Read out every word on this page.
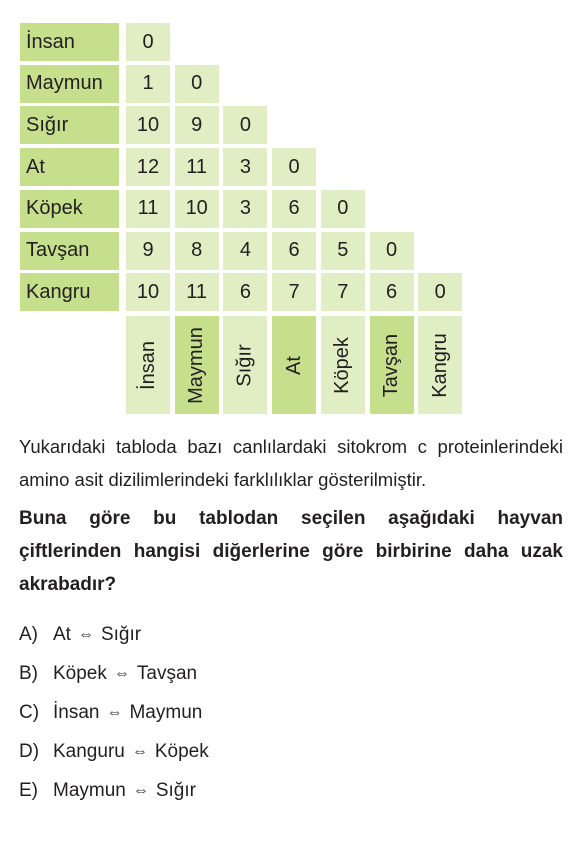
İnsan	0
Maymun	1	0
Sığır	10	9	0
At	12	11	3	0
Köpek	11	10	3	6	0
Tavşan	9	8	4	6	5	0
Kangru	10	11	6	7	7	6	0
İnsan Maymun Sığır At Köpek Tavşan Kangru

Yukarıdaki tabloda bazı canlılardaki sitokrom c proteinlerindeki amino asit dizilimlerindeki farklılıklar gösterilmiştir.

Buna göre bu tablodan seçilen aşağıdaki hayvan çiftlerinden hangisi diğerlerine göre birbirine daha uzak akrabadır?

A) At ⇔ Sığır
B) Köpek ⇔ Tavşan
C) İnsan ⇔ Maymun
D) Kanguru ⇔ Köpek
E) Maymun ⇔ Sığır
